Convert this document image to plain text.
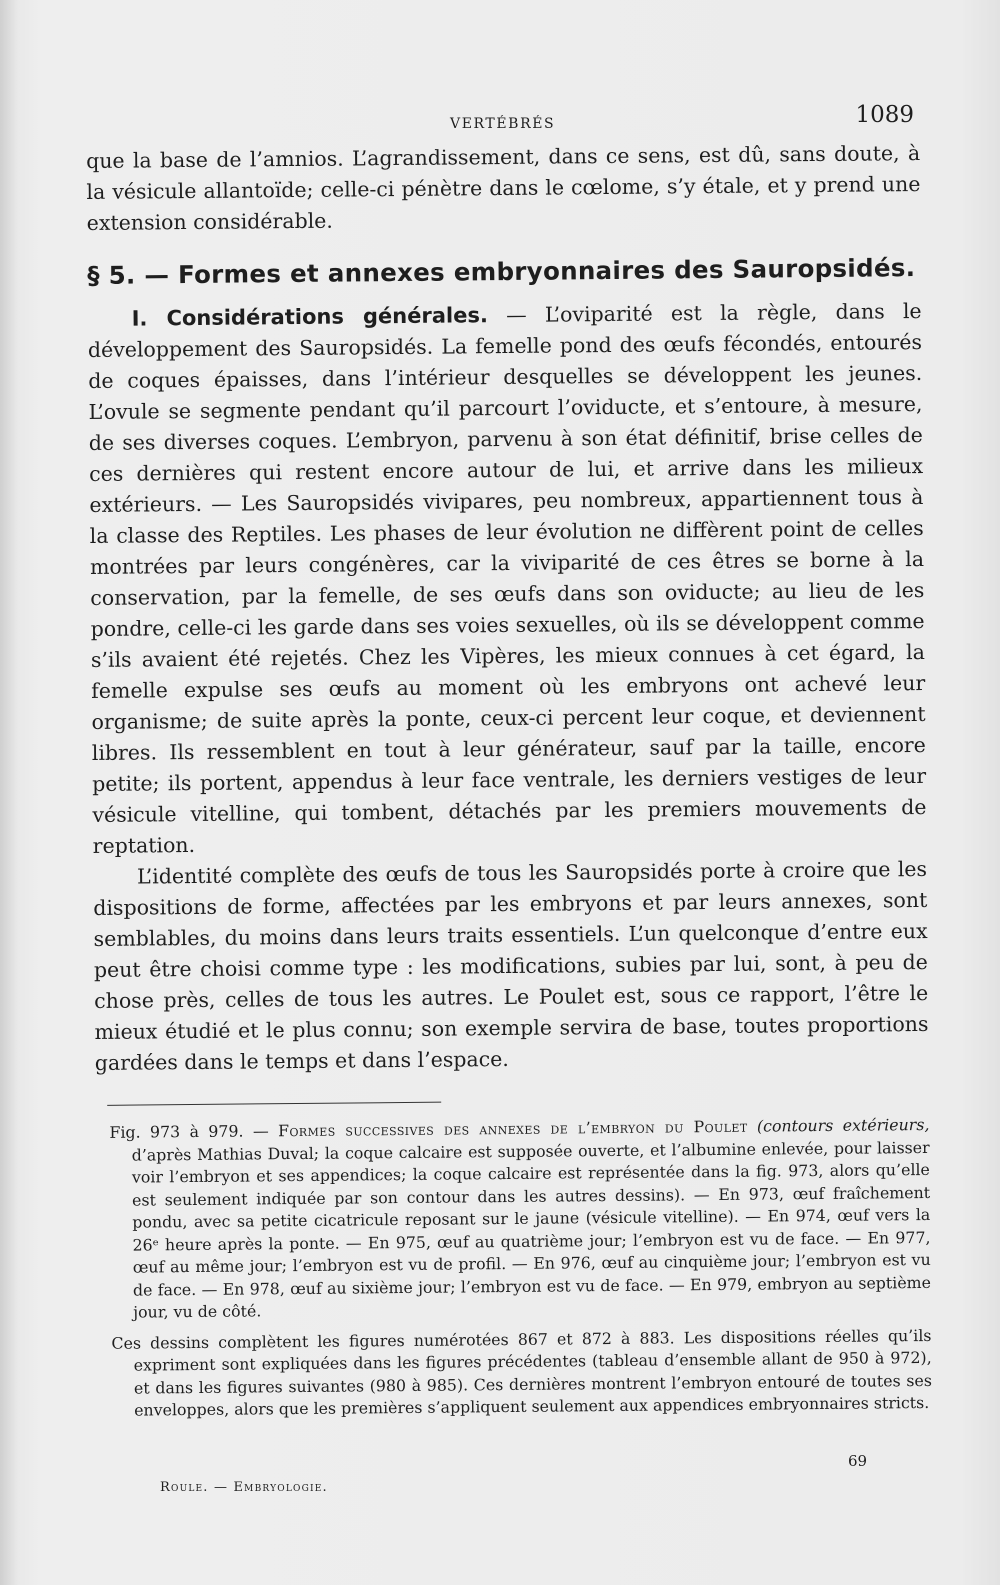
VERTÉBRÉS	1089

que la base de l’amnios. L’agrandissement, dans ce sens, est dû, sans doute, à la vésicule allantoïde; celle-ci pénètre dans le cœlome, s’y étale, et y prend une extension considérable.

§ 5. — Formes et annexes embryonnaires des Sauropsidés.

I. Considérations générales. — L’oviparité est la règle, dans le développement des Sauropsidés. La femelle pond des œufs fécondés, entourés de coques épaisses, dans l’intérieur desquelles se développent les jeunes. L’ovule se segmente pendant qu’il parcourt l’oviducte, et s’entoure, à mesure, de ses diverses coques. L’embryon, parvenu à son état définitif, brise celles de ces dernières qui restent encore autour de lui, et arrive dans les milieux extérieurs. — Les Sauropsidés vivipares, peu nombreux, appartiennent tous à la classe des Reptiles. Les phases de leur évolution ne diffèrent point de celles montrées par leurs congénères, car la viviparité de ces êtres se borne à la conservation, par la femelle, de ses œufs dans son oviducte; au lieu de les pondre, celle-ci les garde dans ses voies sexuelles, où ils se développent comme s’ils avaient été rejetés. Chez les Vipères, les mieux connues à cet égard, la femelle expulse ses œufs au moment où les embryons ont achevé leur organisme; de suite après la ponte, ceux-ci percent leur coque, et deviennent libres. Ils ressemblent en tout à leur générateur, sauf par la taille, encore petite; ils portent, appendus à leur face ventrale, les derniers vestiges de leur vésicule vitelline, qui tombent, détachés par les premiers mouvements de reptation.

L’identité complète des œufs de tous les Sauropsidés porte à croire que les dispositions de forme, affectées par les embryons et par leurs annexes, sont semblables, du moins dans leurs traits essentiels. L’un quelconque d’entre eux peut être choisi comme type : les modifications, subies par lui, sont, à peu de chose près, celles de tous les autres. Le Poulet est, sous ce rapport, l’être le mieux étudié et le plus connu; son exemple servira de base, toutes proportions gardées dans le temps et dans l’espace.

Fig. 973 à 979. — Formes successives des annexes de l’embryon du Poulet (contours extérieurs, d’après Mathias Duval; la coque calcaire est supposée ouverte, et l’albumine enlevée, pour laisser voir l’embryon et ses appendices; la coque calcaire est représentée dans la fig. 973, alors qu’elle est seulement indiquée par son contour dans les autres dessins). — En 973, œuf fraîchement pondu, avec sa petite cicatricule reposant sur le jaune (vésicule vitelline). — En 974, œuf vers la 26ᵉ heure après la ponte. — En 975, œuf au quatrième jour; l’embryon est vu de face. — En 977, œuf au même jour; l’embryon est vu de profil. — En 976, œuf au cinquième jour; l’embryon est vu de face. — En 978, œuf au sixième jour; l’embryon est vu de face. — En 979, embryon au septième jour, vu de côté.

Ces dessins complètent les figures numérotées 867 et 872 à 883. Les dispositions réelles qu’ils expriment sont expliquées dans les figures précédentes (tableau d’ensemble allant de 950 à 972), et dans les figures suivantes (980 à 985). Ces dernières montrent l’embryon entouré de toutes ses enveloppes, alors que les premières s’appliquent seulement aux appendices embryonnaires stricts.

69
Roule. — Embryologie.
